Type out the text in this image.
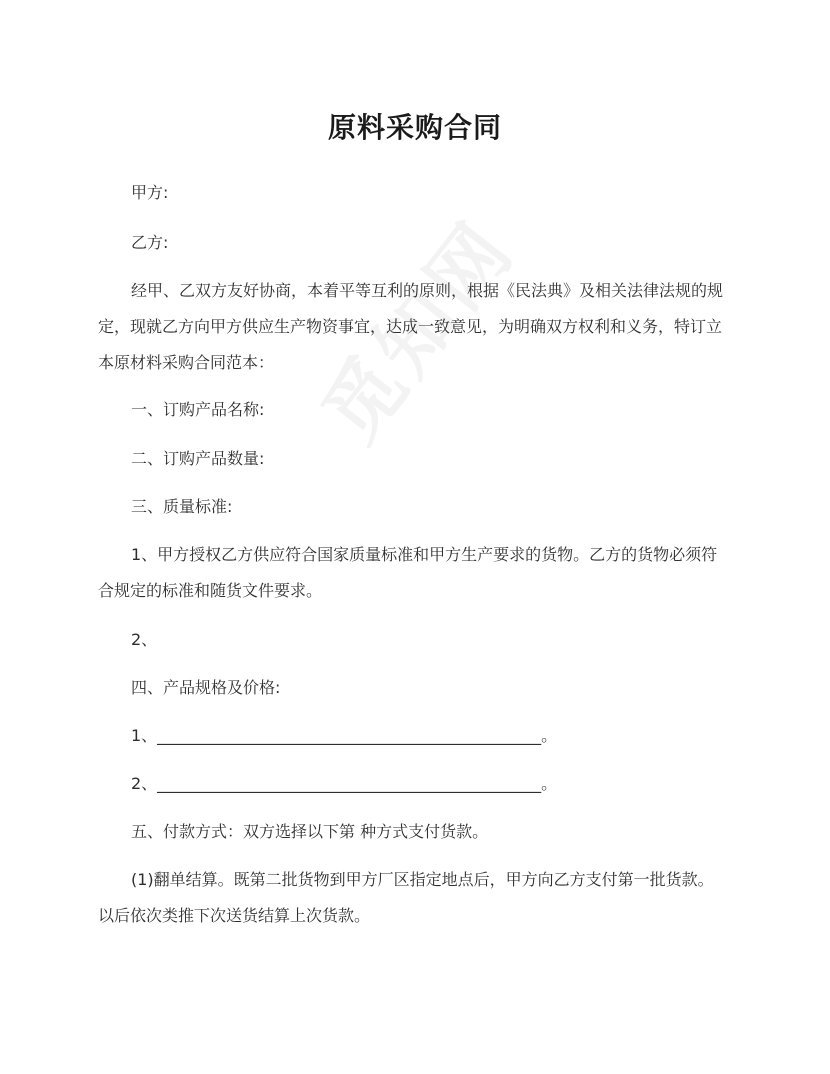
原料采购合同
甲方:
乙方:
经甲、乙双方友好协商，本着平等互利的原则，根据《民法典》及相关法律法规的规
定，现就乙方向甲方供应生产物资事宜，达成一致意见，为明确双方权利和义务，特订立
本原材料采购合同范本：
一、订购产品名称:
二、订购产品数量:
三、质量标准:
1、甲方授权乙方供应符合国家质量标准和甲方生产要求的货物。乙方的货物必须符
合规定的标准和随货文件要求。
2、
四、产品规格及价格:
1、________________________________________________。
2、________________________________________________。
五、付款方式：双方选择以下第 种方式支付货款。
(1)翻单结算。既第二批货物到甲方厂区指定地点后，甲方向乙方支付第一批货款。
以后依次类推下次送货结算上次货款。
